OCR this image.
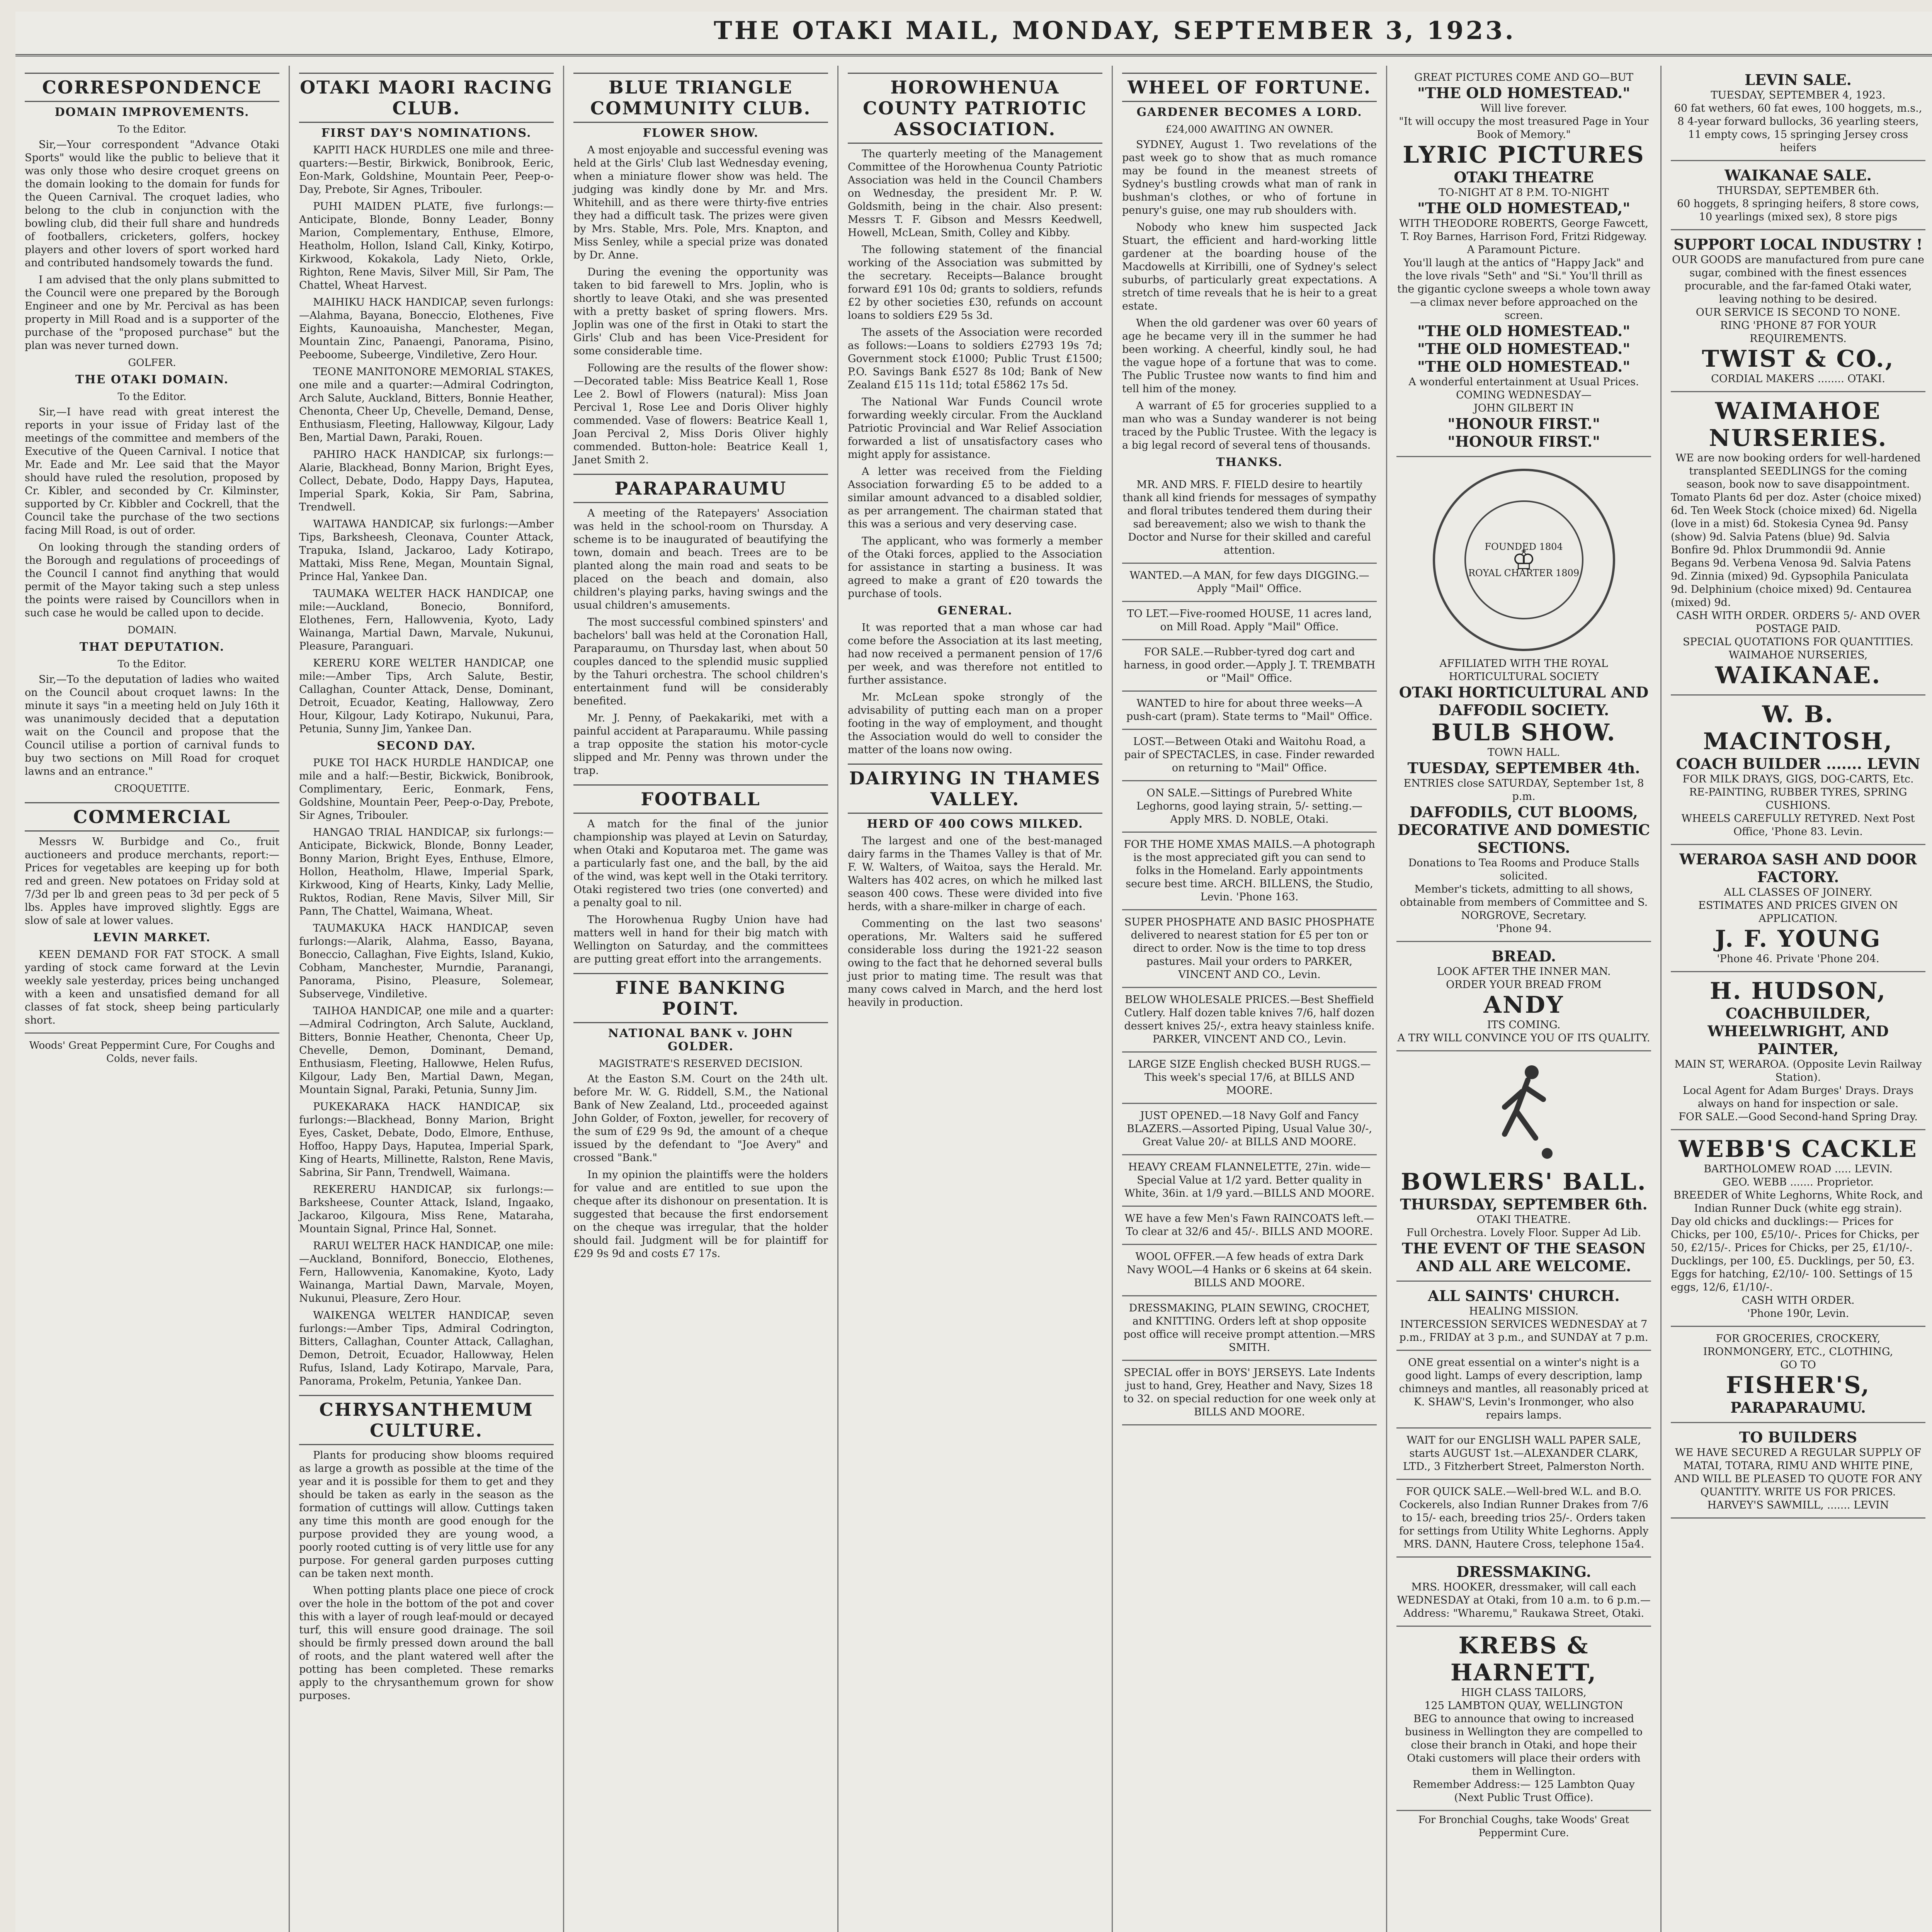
THE OTAKI MAIL, MONDAY, SEPTEMBER 3, 1923.
CORRESPONDENCE
DOMAIN IMPROVEMENTS.
To the Editor.

Sir,—Your correspondent "Advance Otaki Sports" would like the public to believe that it was only those who desire croquet greens on the domain looking to the domain for funds for the Queen Carnival. The croquet ladies, who belong to the club in conjunction with the bowling club, did their full share and hundreds of footballers, cricketers, golfers, hockey players and other lovers of sport worked hard and contributed handsomely towards the fund.

I am advised that the only plans submitted to the Council were one prepared by the Borough Engineer and one by Mr. Percival as has been property in Mill Road and is a supporter of the purchase of the "proposed purchase" but the plan was never turned down.

GOLFER.
THE OTAKI DOMAIN.
To the Editor.

Sir,—I have read with great interest the reports in your issue of Friday last of the meetings of the committee and members of the Executive of the Queen Carnival. I notice that Mr. Eade and Mr. Lee said that the Mayor should have ruled the resolution, proposed by Cr. Kibler, and seconded by Cr. Kilminster, supported by Cr. Kibbler and Cockrell, that the Council take the purchase of the two sections facing Mill Road, is out of order.

On looking through the standing orders of the Borough and regulations of proceedings of the Council I cannot find anything that would permit of the Mayor taking such a step unless the points were raised by Councillors when in such case he would be called upon to decide.

DOMAIN.
THAT DEPUTATION.
To the Editor.

Sir,—To the deputation of ladies who waited on the Council about croquet lawns: In the minute it says "in a meeting held on July 16th it was unanimously decided that a deputation wait on the Council and propose that the Council utilise a portion of carnival funds to buy two sections on Mill Road for croquet lawns and an entrance."

CROQUETITE.
COMMERCIAL

Messrs W. Burbidge and Co., fruit auctioneers and produce merchants, report:—Prices for vegetables are keeping up for both red and green. New potatoes on Friday sold at 7/3d per lb and green peas to 3d per peck of 5 lbs. Apples have improved slightly. Eggs are slow of sale at lower values.

LEVIN MARKET.

KEEN DEMAND FOR FAT STOCK. A small yarding of stock came forward at the Levin weekly sale yesterday, prices being unchanged with a keen and unsatisfied demand for all classes of fat stock, sheep being particularly short.

Woods' Great Peppermint Cure, For Coughs and Colds, never fails.
OTAKI MAORI RACING CLUB.
FIRST DAY'S NOMINATIONS.

KAPITI HACK HURDLES one mile and three-quarters:—Bestir, Birkwick, Bonibrook, Eeric, Eon-Mark, Goldshine, Mountain Peer, Peep-o-Day, Prebote, Sir Agnes, Tribouler.

PUHI MAIDEN PLATE, five furlongs:—Anticipate, Blonde, Bonny Leader, Bonny Marion, Complementary, Enthuse, Elmore, Heatholm, Hollon, Island Call, Kinky, Kotirpo, Kirkwood, Kokakola, Lady Nieto, Orkle, Righton, Rene Mavis, Silver Mill, Sir Pam, The Chattel, Wheat Harvest.

MAIHIKU HACK HANDICAP, seven furlongs:—Alahma, Bayana, Boneccio, Elothenes, Five Eights, Kaunoauisha, Manchester, Megan, Mountain Zinc, Panaengi, Panorama, Pisino, Peeboome, Subeerge, Vindiletive, Zero Hour.

TEONE MANITONORE MEMORIAL STAKES, one mile and a quarter:—Admiral Codrington, Arch Salute, Auckland, Bitters, Bonnie Heather, Chenonta, Cheer Up, Chevelle, Demand, Dense, Enthusiasm, Fleeting, Hallowway, Kilgour, Lady Ben, Martial Dawn, Paraki, Rouen.

PAHIRO HACK HANDICAP, six furlongs:—Alarie, Blackhead, Bonny Marion, Bright Eyes, Collect, Debate, Dodo, Happy Days, Haputea, Imperial Spark, Kokia, Sir Pam, Sabrina, Trendwell.

WAITAWA HANDICAP, six furlongs:—Amber Tips, Barksheesh, Cleonava, Counter Attack, Trapuka, Island, Jackaroo, Lady Kotirapo, Mattaki, Miss Rene, Megan, Mountain Signal, Prince Hal, Yankee Dan.

TAUMAKA WELTER HACK HANDICAP, one mile:—Auckland, Bonecio, Bonniford, Elothenes, Fern, Hallowvenia, Kyoto, Lady Wainanga, Martial Dawn, Marvale, Nukunui, Pleasure, Paranguari.

KERERU KORE WELTER HANDICAP, one mile:—Amber Tips, Arch Salute, Bestir, Callaghan, Counter Attack, Dense, Dominant, Detroit, Ecuador, Keating, Hallowway, Zero Hour, Kilgour, Lady Kotirapo, Nukunui, Para, Petunia, Sunny Jim, Yankee Dan.

SECOND DAY.

PUKE TOI HACK HURDLE HANDICAP, one mile and a half:—Bestir, Bickwick, Bonibrook, Complimentary, Eeric, Eonmark, Fens, Goldshine, Mountain Peer, Peep-o-Day, Prebote, Sir Agnes, Tribouler.

HANGAO TRIAL HANDICAP, six furlongs:—Anticipate, Bickwick, Blonde, Bonny Leader, Bonny Marion, Bright Eyes, Enthuse, Elmore, Hollon, Heatholm, Hlawe, Imperial Spark, Kirkwood, King of Hearts, Kinky, Lady Mellie, Ruktos, Rodian, Rene Mavis, Silver Mill, Sir Pann, The Chattel, Waimana, Wheat.

TAUMAKUKA HACK HANDICAP, seven furlongs:—Alarik, Alahma, Easso, Bayana, Boneccio, Callaghan, Five Eights, Island, Kukio, Cobham, Manchester, Murndie, Paranangi, Panorama, Pisino, Pleasure, Solemear, Subservege, Vindiletive.

TAIHOA HANDICAP, one mile and a quarter:—Admiral Codrington, Arch Salute, Auckland, Bitters, Bonnie Heather, Chenonta, Cheer Up, Chevelle, Demon, Dominant, Demand, Enthusiasm, Fleeting, Hallowwe, Helen Rufus, Kilgour, Lady Ben, Martial Dawn, Megan, Mountain Signal, Paraki, Petunia, Sunny Jim.

PUKEKARAKA HACK HANDICAP, six furlongs:—Blackhead, Bonny Marion, Bright Eyes, Casket, Debate, Dodo, Elmore, Enthuse, Hoffoo, Happy Days, Haputea, Imperial Spark, King of Hearts, Millinette, Ralston, Rene Mavis, Sabrina, Sir Pann, Trendwell, Waimana.

REKERERU HANDICAP, six furlongs:—Barksheese, Counter Attack, Island, Ingaako, Jackaroo, Kilgoura, Miss Rene, Mataraha, Mountain Signal, Prince Hal, Sonnet.

RARUI WELTER HACK HANDICAP, one mile:—Auckland, Bonniford, Boneccio, Elothenes, Fern, Hallowvenia, Kanomakine, Kyoto, Lady Wainanga, Martial Dawn, Marvale, Moyen, Nukunui, Pleasure, Zero Hour.

WAIKENGA WELTER HANDICAP, seven furlongs:—Amber Tips, Admiral Codrington, Bitters, Callaghan, Counter Attack, Callaghan, Demon, Detroit, Ecuador, Hallowway, Helen Rufus, Island, Lady Kotirapo, Marvale, Para, Panorama, Prokelm, Petunia, Yankee Dan.

CHRYSANTHEMUM CULTURE.

Plants for producing show blooms required as large a growth as possible at the time of the year and it is possible for them to get and they should be taken as early in the season as the formation of cuttings will allow. Cuttings taken any time this month are good enough for the purpose provided they are young wood, a poorly rooted cutting is of very little use for any purpose. For general garden purposes cutting can be taken next month.

When potting plants place one piece of crock over the hole in the bottom of the pot and cover this with a layer of rough leaf-mould or decayed turf, this will ensure good drainage. The soil should be firmly pressed down around the ball of roots, and the plant watered well after the potting has been completed. These remarks apply to the chrysanthemum grown for show purposes.

BLUE TRIANGLE COMMUNITY CLUB.
FLOWER SHOW.

A most enjoyable and successful evening was held at the Girls' Club last Wednesday evening, when a miniature flower show was held. The judging was kindly done by Mr. and Mrs. Whitehill, and as there were thirty-five entries they had a difficult task. The prizes were given by Mrs. Stable, Mrs. Pole, Mrs. Knapton, and Miss Senley, while a special prize was donated by Dr. Anne.

During the evening the opportunity was taken to bid farewell to Mrs. Joplin, who is shortly to leave Otaki, and she was presented with a pretty basket of spring flowers. Mrs. Joplin was one of the first in Otaki to start the Girls' Club and has been Vice-President for some considerable time.

Following are the results of the flower show:—Decorated table: Miss Beatrice Keall 1, Rose Lee 2. Bowl of Flowers (natural): Miss Joan Percival 1, Rose Lee and Doris Oliver highly commended. Vase of flowers: Beatrice Keall 1, Joan Percival 2, Miss Doris Oliver highly commended. Button-hole: Beatrice Keall 1, Janet Smith 2.

PARAPARAUMU

A meeting of the Ratepayers' Association was held in the school-room on Thursday. A scheme is to be inaugurated of beautifying the town, domain and beach. Trees are to be planted along the main road and seats to be placed on the beach and domain, also children's playing parks, having swings and the usual children's amusements.

The most successful combined spinsters' and bachelors' ball was held at the Coronation Hall, Paraparaumu, on Thursday last, when about 50 couples danced to the splendid music supplied by the Tahuri orchestra. The school children's entertainment fund will be considerably benefited.

Mr. J. Penny, of Paekakariki, met with a painful accident at Paraparaumu. While passing a trap opposite the station his motor-cycle slipped and Mr. Penny was thrown under the trap.

FOOTBALL

A match for the final of the junior championship was played at Levin on Saturday, when Otaki and Koputaroa met. The game was a particularly fast one, and the ball, by the aid of the wind, was kept well in the Otaki territory. Otaki registered two tries (one converted) and a penalty goal to nil.

The Horowhenua Rugby Union have had matters well in hand for their big match with Wellington on Saturday, and the committees are putting great effort into the arrangements.

FINE BANKING POINT.
NATIONAL BANK v. JOHN GOLDER.
MAGISTRATE'S RESERVED DECISION.

At the Easton S.M. Court on the 24th ult. before Mr. W. G. Riddell, S.M., the National Bank of New Zealand, Ltd., proceeded against John Golder, of Foxton, jeweller, for recovery of the sum of £29 9s 9d, the amount of a cheque issued by the defendant to "Joe Avery" and crossed "Bank."

In my opinion the plaintiffs were the holders for value and are entitled to sue upon the cheque after its dishonour on presentation. It is suggested that because the first endorsement on the cheque was irregular, that the holder should fail. Judgment will be for plaintiff for £29 9s 9d and costs £7 17s.

HOROWHENUA COUNTY PATRIOTIC ASSOCIATION.

The quarterly meeting of the Management Committee of the Horowhenua County Patriotic Association was held in the Council Chambers on Wednesday, the president Mr. P. W. Goldsmith, being in the chair. Also present: Messrs T. F. Gibson and Messrs Keedwell, Howell, McLean, Smith, Colley and Kibby.

The following statement of the financial working of the Association was submitted by the secretary. Receipts—Balance brought forward £91 10s 0d; grants to soldiers, refunds £2 by other societies £30, refunds on account loans to soldiers £29 5s 3d.

The assets of the Association were recorded as follows:—Loans to soldiers £2793 19s 7d; Government stock £1000; Public Trust £1500; P.O. Savings Bank £527 8s 10d; Bank of New Zealand £15 11s 11d; total £5862 17s 5d.

The National War Funds Council wrote forwarding weekly circular. From the Auckland Patriotic Provincial and War Relief Association forwarded a list of unsatisfactory cases who might apply for assistance.

A letter was received from the Fielding Association forwarding £5 to be added to a similar amount advanced to a disabled soldier, as per arrangement. The chairman stated that this was a serious and very deserving case.

The applicant, who was formerly a member of the Otaki forces, applied to the Association for assistance in starting a business. It was agreed to make a grant of £20 towards the purchase of tools.

GENERAL.

It was reported that a man whose car had come before the Association at its last meeting, had now received a permanent pension of 17/6 per week, and was therefore not entitled to further assistance.

Mr. McLean spoke strongly of the advisability of putting each man on a proper footing in the way of employment, and thought the Association would do well to consider the matter of the loans now owing.

DAIRYING IN THAMES VALLEY.
HERD OF 400 COWS MILKED.

The largest and one of the best-managed dairy farms in the Thames Valley is that of Mr. F. W. Walters, of Waitoa, says the Herald. Mr. Walters has 402 acres, on which he milked last season 400 cows. These were divided into five herds, with a share-milker in charge of each.

Commenting on the last two seasons' operations, Mr. Walters said he suffered considerable loss during the 1921-22 season owing to the fact that he dehorned several bulls just prior to mating time. The result was that many cows calved in March, and the herd lost heavily in production.

WHEEL OF FORTUNE.
GARDENER BECOMES A LORD.
£24,000 AWAITING AN OWNER.

SYDNEY, August 1. Two revelations of the past week go to show that as much romance may be found in the meanest streets of Sydney's bustling crowds what man of rank in bushman's clothes, or who of fortune in penury's guise, one may rub shoulders with.

Nobody who knew him suspected Jack Stuart, the efficient and hard-working little gardener at the boarding house of the Macdowells at Kirribilli, one of Sydney's select suburbs, of particularly great expectations. A stretch of time reveals that he is heir to a great estate.

When the old gardener was over 60 years of age he became very ill in the summer he had been working. A cheerful, kindly soul, he had the vague hope of a fortune that was to come. The Public Trustee now wants to find him and tell him of the money.

A warrant of £5 for groceries supplied to a man who was a Sunday wanderer is not being traced by the Public Trustee. With the legacy is a big legal record of several tens of thousands.

THANKS.
MR. AND MRS. F. FIELD desire to heartily thank all kind friends for messages of sympathy and floral tributes tendered them during their sad bereavement; also we wish to thank the Doctor and Nurse for their skilled and careful attention.
WANTED.—A MAN, for few days DIGGING.—Apply "Mail" Office.
TO LET.—Five-roomed HOUSE, 11 acres land, on Mill Road. Apply "Mail" Office.
FOR SALE.—Rubber-tyred dog cart and harness, in good order.—Apply J. T. TREMBATH or "Mail" Office.
WANTED to hire for about three weeks—A push-cart (pram). State terms to "Mail" Office.
LOST.—Between Otaki and Waitohu Road, a pair of SPECTACLES, in case. Finder rewarded on returning to "Mail" Office.
ON SALE.—Sittings of Purebred White Leghorns, good laying strain, 5/- setting.—Apply MRS. D. NOBLE, Otaki.
FOR THE HOME XMAS MAILS.—A photograph is the most appreciated gift you can send to folks in the Homeland. Early appointments secure best time. ARCH. BILLENS, the Studio, Levin. 'Phone 163.
SUPER PHOSPHATE AND BASIC PHOSPHATE delivered to nearest station for £5 per ton or direct to order. Now is the time to top dress pastures. Mail your orders to PARKER, VINCENT AND CO., Levin.
BELOW WHOLESALE PRICES.—Best Sheffield Cutlery. Half dozen table knives 7/6, half dozen dessert knives 25/-, extra heavy stainless knife. PARKER, VINCENT AND CO., Levin.
LARGE SIZE English checked BUSH RUGS.—This week's special 17/6, at BILLS AND MOORE.
JUST OPENED.—18 Navy Golf and Fancy BLAZERS.—Assorted Piping, Usual Value 30/-, Great Value 20/- at BILLS AND MOORE.
HEAVY CREAM FLANNELETTE, 27in. wide—Special Value at 1/2 yard. Better quality in White, 36in. at 1/9 yard.—BILLS AND MOORE.
WE have a few Men's Fawn RAINCOATS left.—To clear at 32/6 and 45/-. BILLS AND MOORE.
WOOL OFFER.—A few heads of extra Dark Navy WOOL—4 Hanks or 6 skeins at 64 skein. BILLS AND MOORE.
DRESSMAKING, PLAIN SEWING, CROCHET, and KNITTING. Orders left at shop opposite post office will receive prompt attention.—MRS SMITH.
SPECIAL offer in BOYS' JERSEYS. Late Indents just to hand, Grey, Heather and Navy, Sizes 18 to 32. on special reduction for one week only at BILLS AND MOORE.
GREAT PICTURES COME AND GO—BUT
"THE OLD HOMESTEAD."
Will live forever.
"It will occupy the most treasured Page in Your Book of Memory."
LYRIC PICTURES
OTAKI THEATRE
TO-NIGHT AT 8 P.M. TO-NIGHT
"THE OLD HOMESTEAD,"
WITH THEODORE ROBERTS, George Fawcett, T. Roy Barnes, Harrison Ford, Fritzi Ridgeway.
A Paramount Picture.
You'll laugh at the antics of "Happy Jack" and the love rivals "Seth" and "Si." You'll thrill as the gigantic cyclone sweeps a whole town away—a climax never before approached on the screen.
"THE OLD HOMESTEAD."
"THE OLD HOMESTEAD."
"THE OLD HOMESTEAD."
A wonderful entertainment at Usual Prices.
COMING WEDNESDAY—
JOHN GILBERT IN
"HONOUR FIRST."
"HONOUR FIRST."
FOUNDED 1804
♔
ROYAL CHARTER 1809
AFFILIATED WITH THE ROYAL HORTICULTURAL SOCIETY
OTAKI HORTICULTURAL AND DAFFODIL SOCIETY.
BULB SHOW.
TOWN HALL.
TUESDAY, SEPTEMBER 4th.
ENTRIES close SATURDAY, September 1st, 8 p.m.
DAFFODILS, CUT BLOOMS, DECORATIVE AND DOMESTIC SECTIONS.
Donations to Tea Rooms and Produce Stalls solicited.
Member's tickets, admitting to all shows, obtainable from members of Committee and S. NORGROVE, Secretary.
'Phone 94.
BREAD.
LOOK AFTER THE INNER MAN.
ORDER YOUR BREAD FROM
ANDY
ITS COMING.
A TRY WILL CONVINCE YOU OF ITS QUALITY.
BOWLERS' BALL.
THURSDAY, SEPTEMBER 6th.
OTAKI THEATRE.
Full Orchestra. Lovely Floor. Supper Ad Lib.
THE EVENT OF THE SEASON AND ALL ARE WELCOME.
ALL SAINTS' CHURCH.
HEALING MISSION.
INTERCESSION SERVICES WEDNESDAY at 7 p.m., FRIDAY at 3 p.m., and SUNDAY at 7 p.m.
ONE great essential on a winter's night is a good light. Lamps of every description, lamp chimneys and mantles, all reasonably priced at K. SHAW'S, Levin's Ironmonger, who also repairs lamps.
WAIT for our ENGLISH WALL PAPER SALE, starts AUGUST 1st.—ALEXANDER CLARK, LTD., 3 Fitzherbert Street, Palmerston North.
FOR QUICK SALE.—Well-bred W.L. and B.O. Cockerels, also Indian Runner Drakes from 7/6 to 15/- each, breeding trios 25/-. Orders taken for settings from Utility White Leghorns. Apply MRS. DANN, Hautere Cross, telephone 15a4.
DRESSMAKING.
MRS. HOOKER, dressmaker, will call each WEDNESDAY at Otaki, from 10 a.m. to 6 p.m.—Address: "Wharemu," Raukawa Street, Otaki.
KREBS & HARNETT,
HIGH CLASS TAILORS,
125 LAMBTON QUAY, WELLINGTON
BEG to announce that owing to increased business in Wellington they are compelled to close their branch in Otaki, and hope their Otaki customers will place their orders with them in Wellington.
Remember Address:— 125 Lambton Quay (Next Public Trust Office).
For Bronchial Coughs, take Woods' Great Peppermint Cure.
LEVIN SALE.
TUESDAY, SEPTEMBER 4, 1923.
60 fat wethers, 60 fat ewes, 100 hoggets, m.s., 8 4-year forward bullocks, 36 yearling steers, 11 empty cows, 15 springing Jersey cross heifers
WAIKANAE SALE.
THURSDAY, SEPTEMBER 6th.
60 hoggets, 8 springing heifers, 8 store cows, 10 yearlings (mixed sex), 8 store pigs
SUPPORT LOCAL INDUSTRY !
OUR GOODS are manufactured from pure cane sugar, combined with the finest essences procurable, and the far-famed Otaki water, leaving nothing to be desired.
OUR SERVICE IS SECOND TO NONE.
RING 'PHONE 87 FOR YOUR REQUIREMENTS.
TWIST & CO.,
CORDIAL MAKERS ........ OTAKI.
WAIMAHOE NURSERIES.
WE are now booking orders for well-hardened transplanted SEEDLINGS for the coming season, book now to save disappointment.
Tomato Plants 6d per doz. Aster (choice mixed) 6d. Ten Week Stock (choice mixed) 6d. Nigella (love in a mist) 6d. Stokesia Cynea 9d. Pansy (show) 9d. Salvia Patens (blue) 9d. Salvia Bonfire 9d. Phlox Drummondii 9d. Annie Begans 9d. Verbena Venosa 9d. Salvia Patens 9d. Zinnia (mixed) 9d. Gypsophila Paniculata 9d. Delphinium (choice mixed) 9d. Centaurea (mixed) 9d.
CASH WITH ORDER. ORDERS 5/- AND OVER POSTAGE PAID.
SPECIAL QUOTATIONS FOR QUANTITIES.
WAIMAHOE NURSERIES,
WAIKANAE.
W. B. MACINTOSH,
COACH BUILDER ....... LEVIN
FOR MILK DRAYS, GIGS, DOG-CARTS, Etc.
RE-PAINTING, RUBBER TYRES, SPRING CUSHIONS.
WHEELS CAREFULLY RETYRED. Next Post Office, 'Phone 83. Levin.
WERAROA SASH AND DOOR FACTORY.
ALL CLASSES OF JOINERY.
ESTIMATES AND PRICES GIVEN ON APPLICATION.
J. F. YOUNG
'Phone 46. Private 'Phone 204.
H. HUDSON,
COACHBUILDER, WHEELWRIGHT, AND PAINTER,
MAIN ST, WERAROA. (Opposite Levin Railway Station).
Local Agent for Adam Burges' Drays. Drays always on hand for inspection or sale.
FOR SALE.—Good Second-hand Spring Dray.
WEBB'S CACKLE
BARTHOLOMEW ROAD ..... LEVIN.
GEO. WEBB ....... Proprietor.
BREEDER of White Leghorns, White Rock, and Indian Runner Duck (white egg strain).
Day old chicks and ducklings:— Prices for Chicks, per 100, £5/10/-. Prices for Chicks, per 50, £2/15/-. Prices for Chicks, per 25, £1/10/-. Ducklings, per 100, £5. Ducklings, per 50, £3. Eggs for hatching, £2/10/- 100. Settings of 15 eggs, 12/6, £1/10/-.
CASH WITH ORDER.
'Phone 190r, Levin.
FOR GROCERIES, CROCKERY, IRONMONGERY, ETC., CLOTHING,
GO TO
FISHER'S,
PARAPARAUMU.
TO BUILDERS
WE HAVE SECURED A REGULAR SUPPLY OF MATAI, TOTARA, RIMU AND WHITE PINE, AND WILL BE PLEASED TO QUOTE FOR ANY QUANTITY. WRITE US FOR PRICES.
HARVEY'S SAWMILL, ....... LEVIN
